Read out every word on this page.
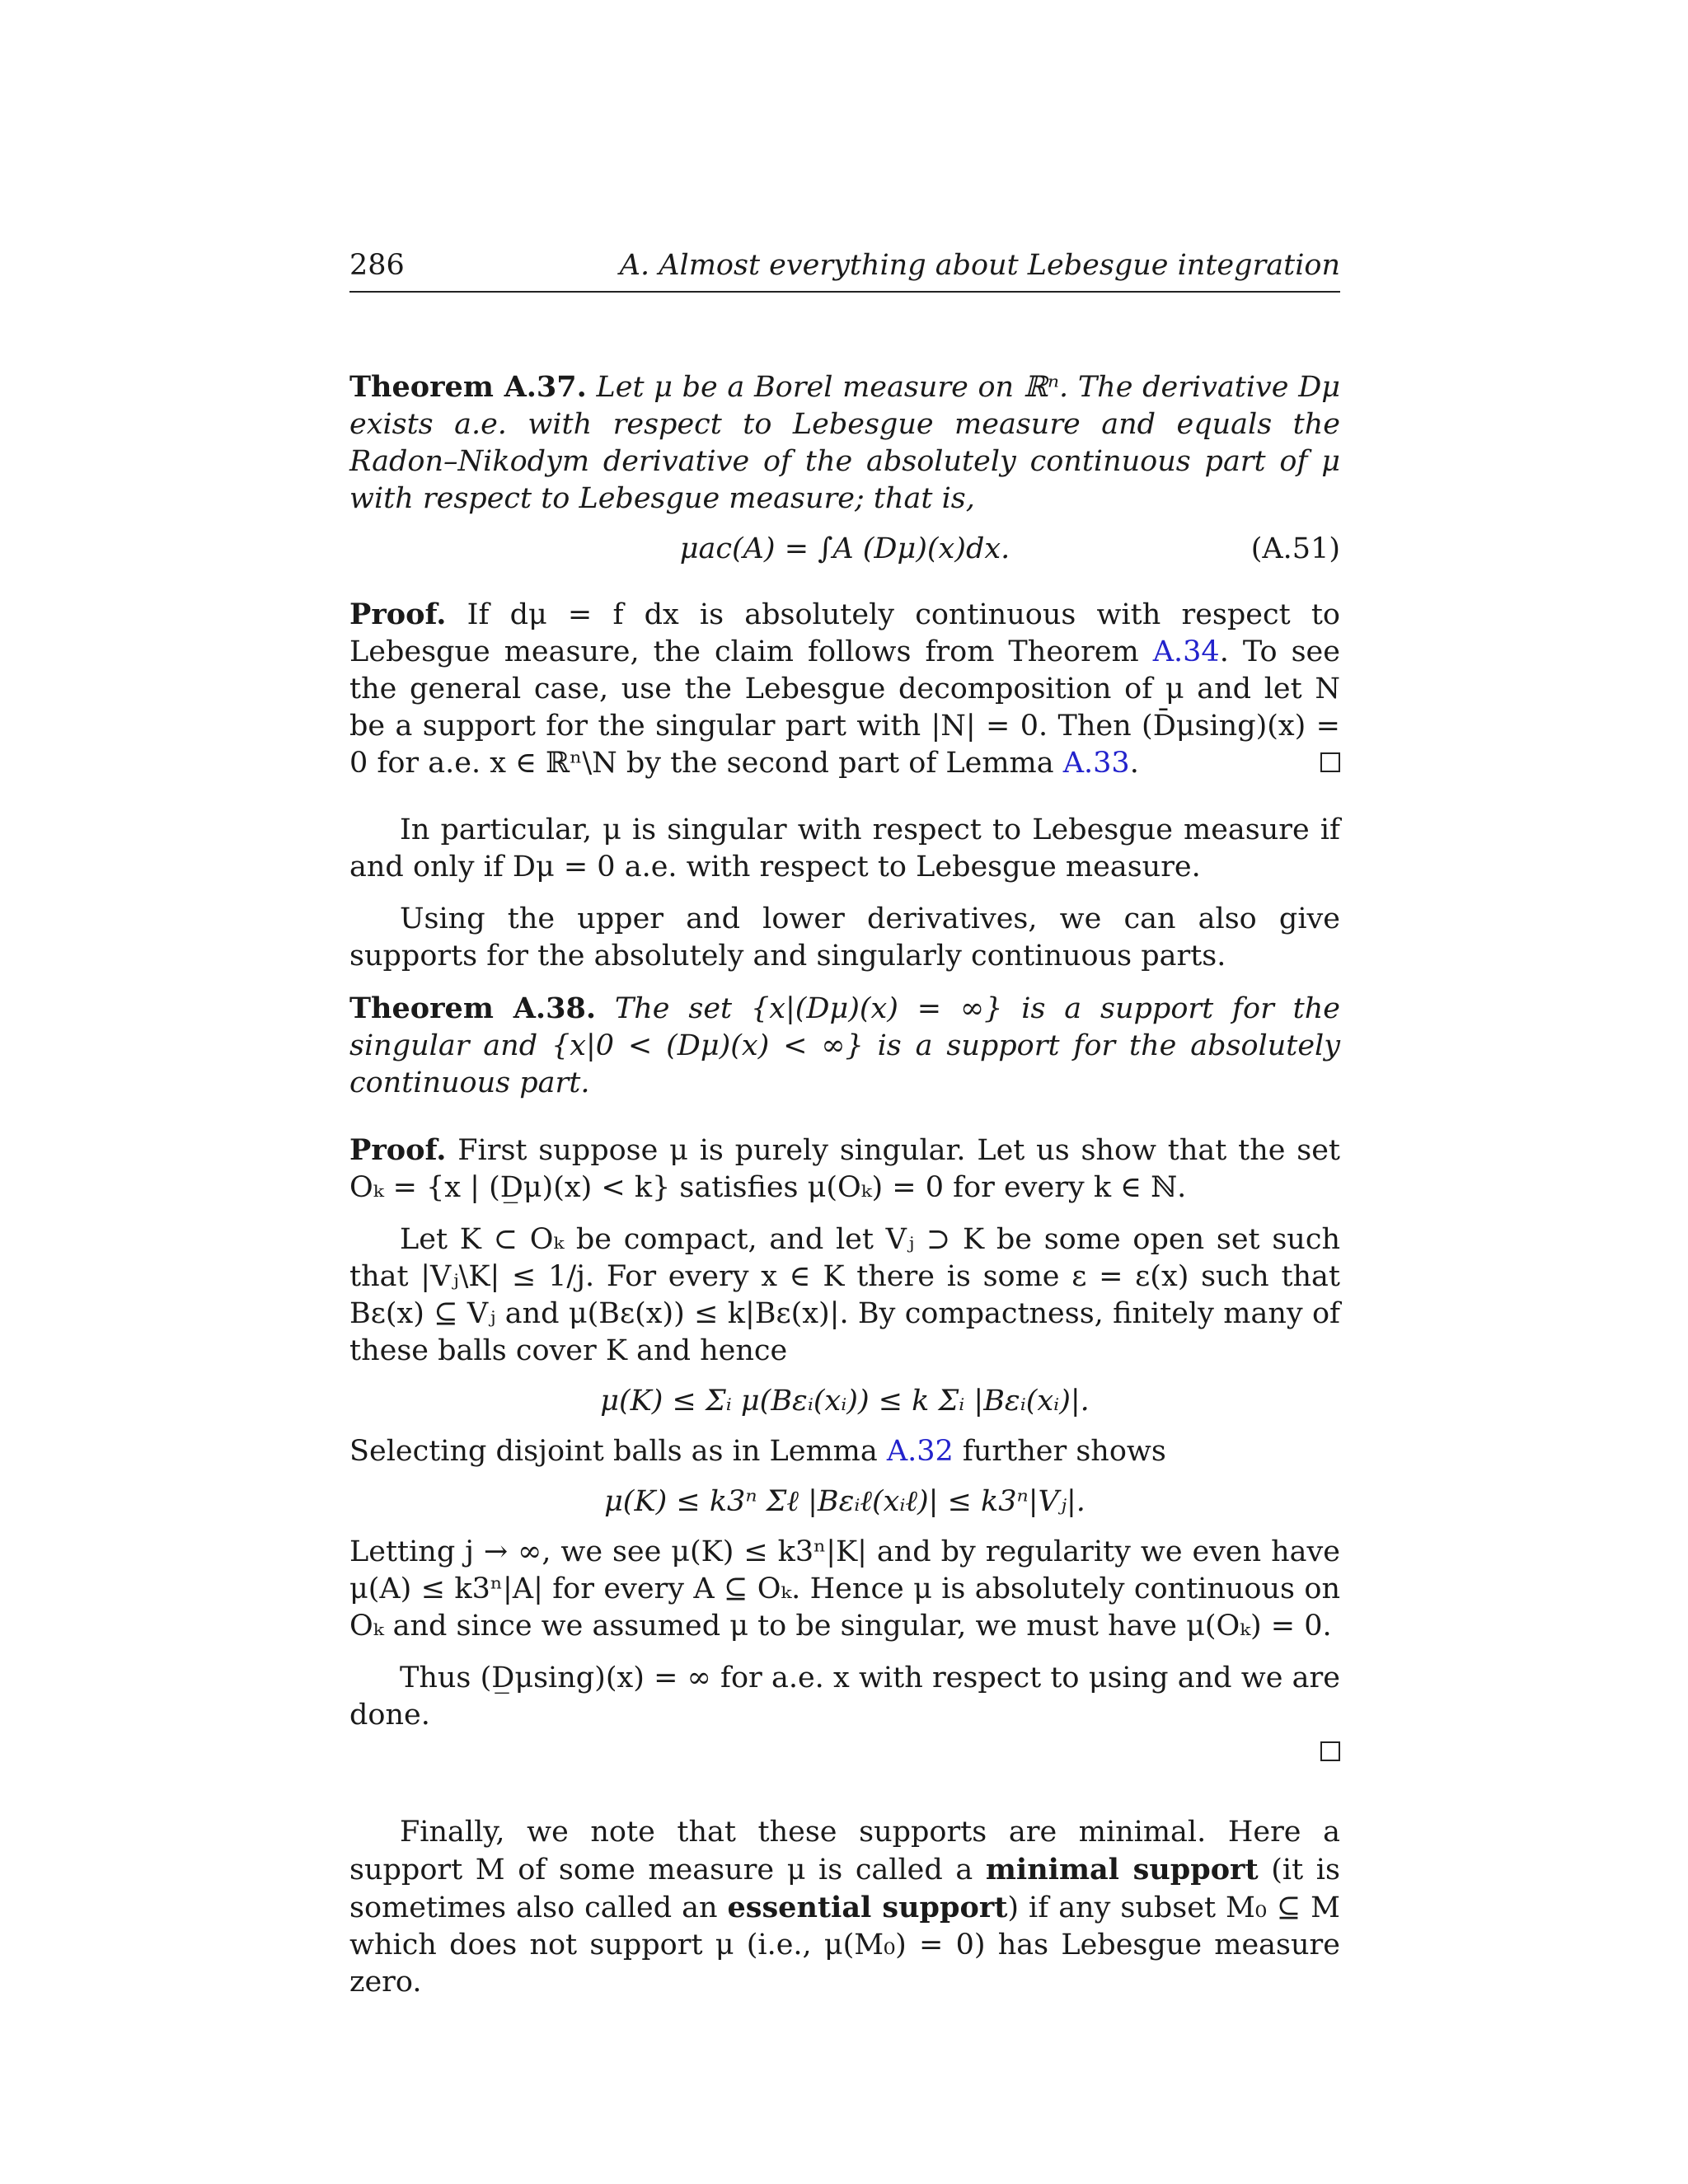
286	A. Almost everything about Lebesgue integration

Theorem A.37. Let μ be a Borel measure on ℝⁿ. The derivative Dμ exists a.e. with respect to Lebesgue measure and equals the Radon–Nikodym derivative of the absolutely continuous part of μ with respect to Lebesgue measure; that is,

μac(A) = ∫A (Dμ)(x)dx.	(A.51)

Proof. If dμ = f dx is absolutely continuous with respect to Lebesgue measure, the claim follows from Theorem A.34. To see the general case, use the Lebesgue decomposition of μ and let N be a support for the singular part with |N| = 0. Then (D̄μsing)(x) = 0 for a.e. x ∈ ℝⁿ\N by the second part of Lemma A.33.

In particular, μ is singular with respect to Lebesgue measure if and only if Dμ = 0 a.e. with respect to Lebesgue measure.

Using the upper and lower derivatives, we can also give supports for the absolutely and singularly continuous parts.

Theorem A.38. The set {x|(Dμ)(x) = ∞} is a support for the singular and {x|0 < (Dμ)(x) < ∞} is a support for the absolutely continuous part.

Proof. First suppose μ is purely singular. Let us show that the set Oₖ = {x | (D̲μ)(x) < k} satisfies μ(Oₖ) = 0 for every k ∈ ℕ.

Let K ⊂ Oₖ be compact, and let Vⱼ ⊃ K be some open set such that |Vⱼ\K| ≤ 1/j. For every x ∈ K there is some ε = ε(x) such that Bε(x) ⊆ Vⱼ and μ(Bε(x)) ≤ k|Bε(x)|. By compactness, finitely many of these balls cover K and hence

μ(K) ≤ Σᵢ μ(Bεᵢ(xᵢ)) ≤ k Σᵢ |Bεᵢ(xᵢ)|.

Selecting disjoint balls as in Lemma A.32 further shows

μ(K) ≤ k3ⁿ Σℓ |Bεᵢℓ(xᵢℓ)| ≤ k3ⁿ|Vⱼ|.

Letting j → ∞, we see μ(K) ≤ k3ⁿ|K| and by regularity we even have μ(A) ≤ k3ⁿ|A| for every A ⊆ Oₖ. Hence μ is absolutely continuous on Oₖ and since we assumed μ to be singular, we must have μ(Oₖ) = 0.

Thus (D̲μsing)(x) = ∞ for a.e. x with respect to μsing and we are done.

Finally, we note that these supports are minimal. Here a support M of some measure μ is called a minimal support (it is sometimes also called an essential support) if any subset M₀ ⊆ M which does not support μ (i.e., μ(M₀) = 0) has Lebesgue measure zero.
